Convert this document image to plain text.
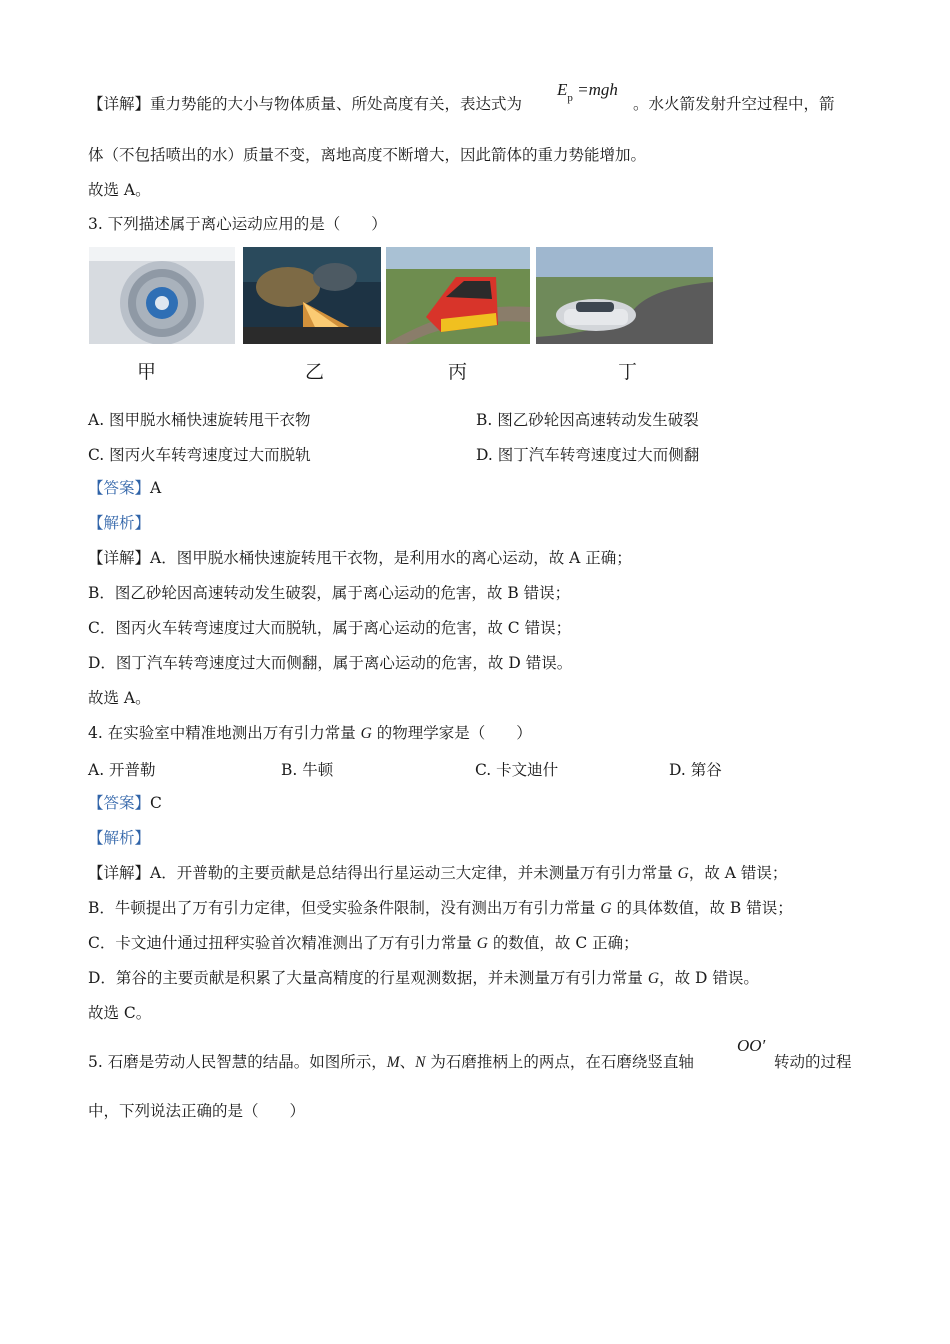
【详解】重力势能的大小与物体质量、所处高度有关，表达式为
$E_p =mgh$
。水火箭发射升空过程中，箭
体（不包括喷出的水）质量不变，离地高度不断增大，因此箭体的重力势能增加。
故选 A。
3. 下列描述属于离心运动应用的是（　　）
甲	乙	丙	丁
A. 图甲脱水桶快速旋转甩干衣物	B. 图乙砂轮因高速转动发生破裂
C. 图丙火车转弯速度过大而脱轨	D. 图丁汽车转弯速度过大而侧翻
【答案】A
【解析】
【详解】A．图甲脱水桶快速旋转甩干衣物，是利用水的离心运动，故 A 正确；
B．图乙砂轮因高速转动发生破裂，属于离心运动的危害，故 B 错误；
C．图丙火车转弯速度过大而脱轨，属于离心运动的危害，故 C 错误；
D．图丁汽车转弯速度过大而侧翻，属于离心运动的危害，故 D 错误。
故选 A。
4. 在实验室中精准地测出万有引力常量 G 的物理学家是（　　）
A. 开普勒	B. 牛顿	C. 卡文迪什	D. 第谷
【答案】C
【解析】
【详解】A．开普勒的主要贡献是总结得出行星运动三大定律，并未测量万有引力常量 G，故 A 错误；
B．牛顿提出了万有引力定律，但受实验条件限制，没有测出万有引力常量 G 的具体数值，故 B 错误；
C．卡文迪什通过扭秤实验首次精准测出了万有引力常量 G 的数值，故 C 正确；
D．第谷的主要贡献是积累了大量高精度的行星观测数据，并未测量万有引力常量 G，故 D 错误。
故选 C。
5. 石磨是劳动人民智慧的结晶。如图所示，M、N 为石磨推柄上的两点，在石磨绕竖直轴
OO′
转动的过程
中，下列说法正确的是（　　）
